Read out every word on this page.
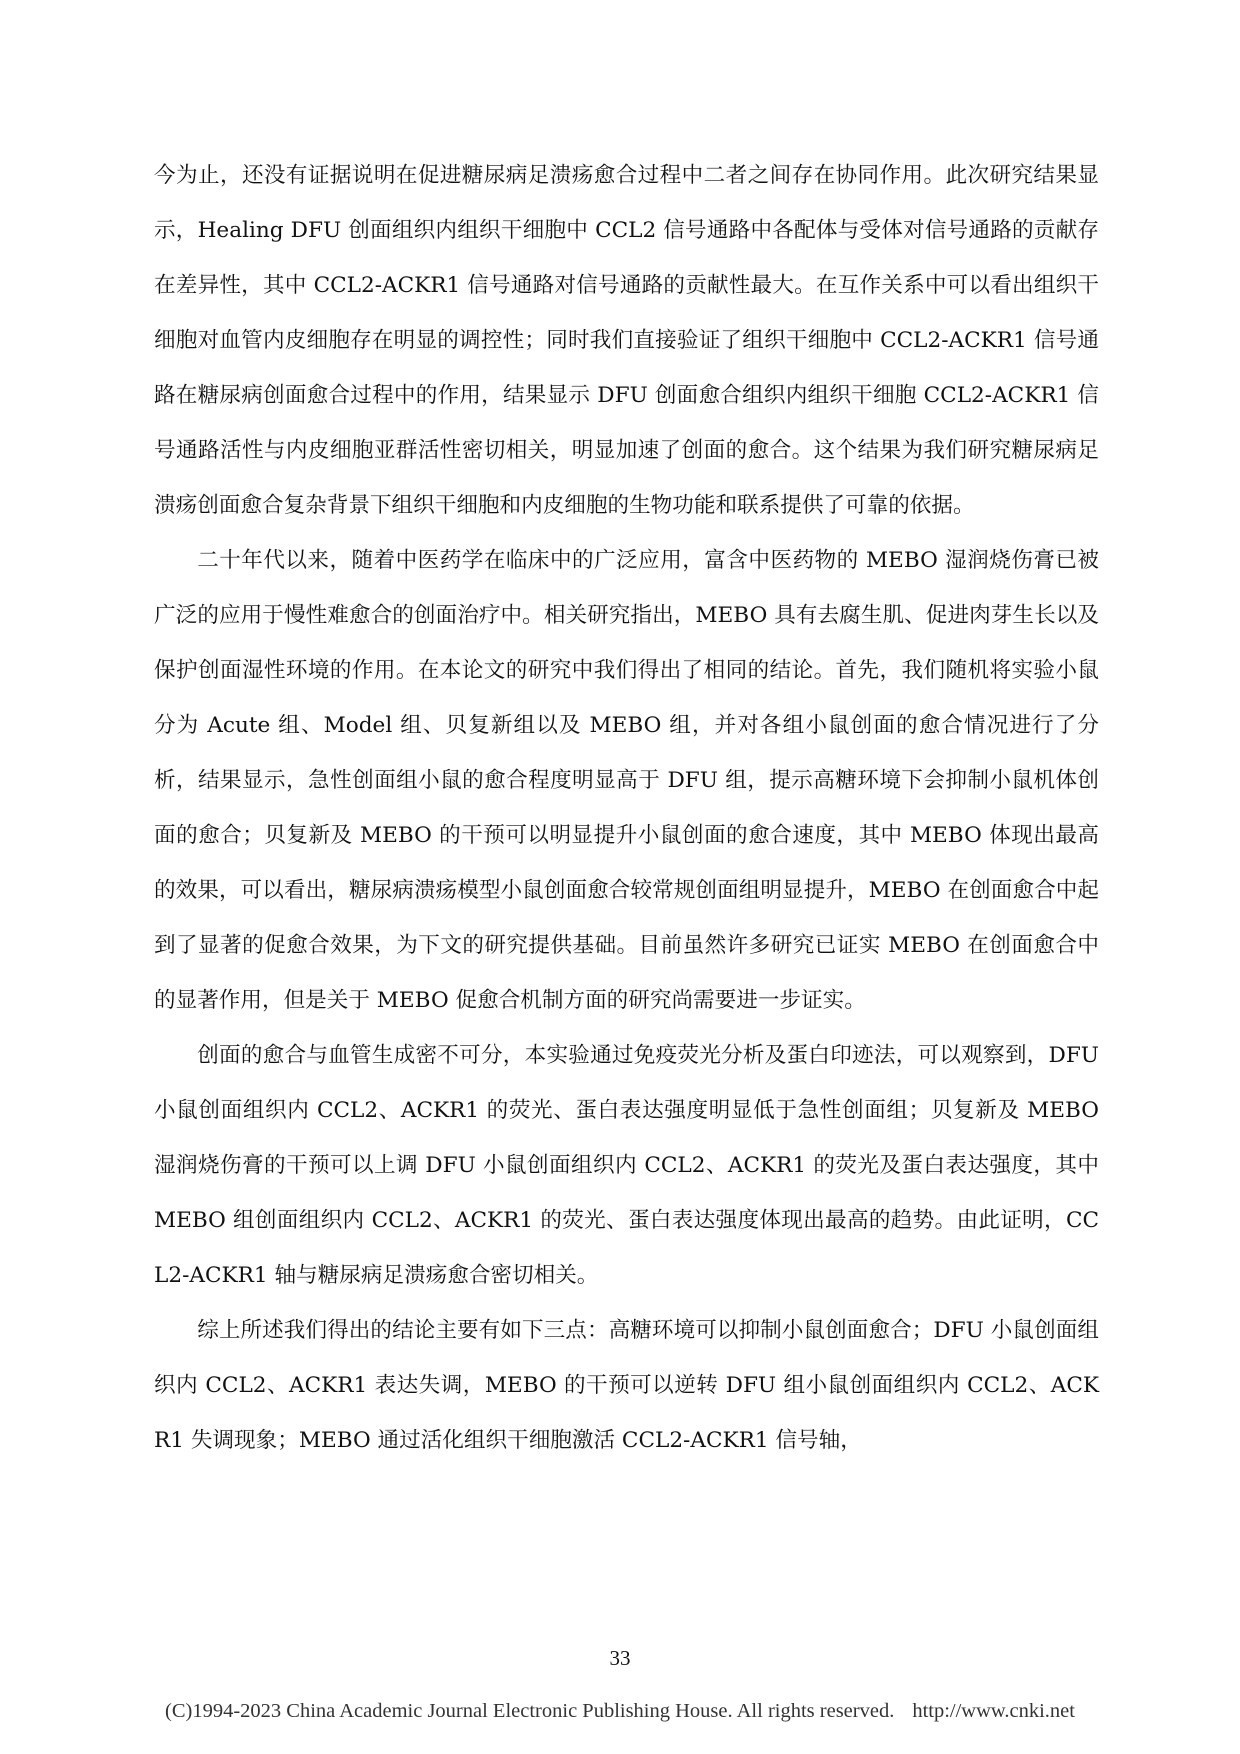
今为止，还没有证据说明在促进糖尿病足溃疡愈合过程中二者之间存在协同作用。此次研究结果显示，Healing DFU 创面组织内组织干细胞中 CCL2 信号通路中各配体与受体对信号通路的贡献存在差异性，其中 CCL2-ACKR1 信号通路对信号通路的贡献性最大。在互作关系中可以看出组织干细胞对血管内皮细胞存在明显的调控性；同时我们直接验证了组织干细胞中 CCL2-ACKR1 信号通路在糖尿病创面愈合过程中的作用，结果显示 DFU 创面愈合组织内组织干细胞 CCL2-ACKR1 信号通路活性与内皮细胞亚群活性密切相关，明显加速了创面的愈合。这个结果为我们研究糖尿病足溃疡创面愈合复杂背景下组织干细胞和内皮细胞的生物功能和联系提供了可靠的依据。

二十年代以来，随着中医药学在临床中的广泛应用，富含中医药物的 MEBO 湿润烧伤膏已被广泛的应用于慢性难愈合的创面治疗中。相关研究指出，MEBO 具有去腐生肌、促进肉芽生长以及保护创面湿性环境的作用。在本论文的研究中我们得出了相同的结论。首先，我们随机将实验小鼠分为 Acute 组、Model 组、贝复新组以及 MEBO 组，并对各组小鼠创面的愈合情况进行了分析，结果显示，急性创面组小鼠的愈合程度明显高于 DFU 组，提示高糖环境下会抑制小鼠机体创面的愈合；贝复新及 MEBO 的干预可以明显提升小鼠创面的愈合速度，其中 MEBO 体现出最高的效果，可以看出，糖尿病溃疡模型小鼠创面愈合较常规创面组明显提升，MEBO 在创面愈合中起到了显著的促愈合效果，为下文的研究提供基础。目前虽然许多研究已证实 MEBO 在创面愈合中的显著作用，但是关于 MEBO 促愈合机制方面的研究尚需要进一步证实。

创面的愈合与血管生成密不可分，本实验通过免疫荧光分析及蛋白印迹法，可以观察到，DFU 小鼠创面组织内 CCL2、ACKR1 的荧光、蛋白表达强度明显低于急性创面组；贝复新及 MEBO 湿润烧伤膏的干预可以上调 DFU 小鼠创面组织内 CCL2、ACKR1 的荧光及蛋白表达强度，其中 MEBO 组创面组织内 CCL2、ACKR1 的荧光、蛋白表达强度体现出最高的趋势。由此证明，CCL2-ACKR1 轴与糖尿病足溃疡愈合密切相关。

综上所述我们得出的结论主要有如下三点：高糖环境可以抑制小鼠创面愈合；DFU 小鼠创面组织内 CCL2、ACKR1 表达失调，MEBO 的干预可以逆转 DFU 组小鼠创面组织内 CCL2、ACKR1 失调现象；MEBO 通过活化组织干细胞激活 CCL2-ACKR1 信号轴，

33
(C)1994-2023 China Academic Journal Electronic Publishing House. All rights reserved. http://www.cnki.net
